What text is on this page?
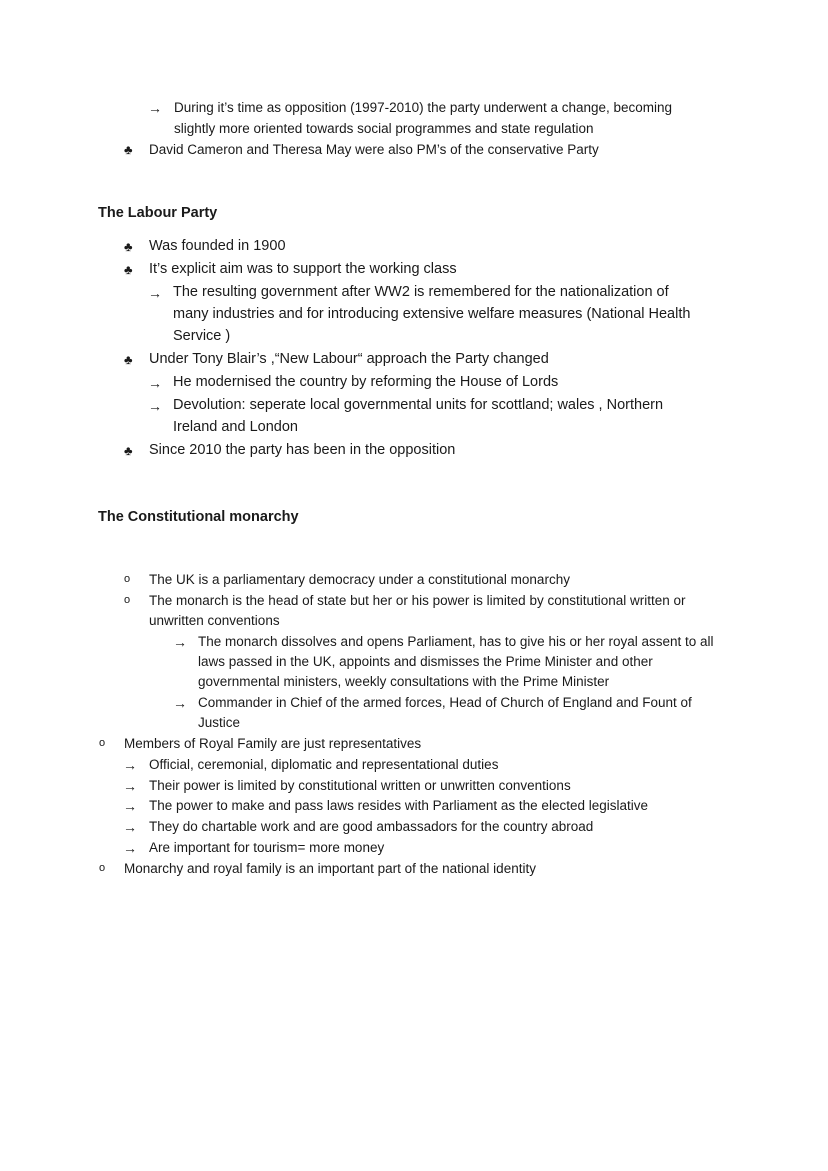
→ During it’s time as opposition (1997-2010) the party underwent a change, becoming
slightly more oriented towards social programmes and state regulation
♣ David Cameron and Theresa May were also PM’s of the conservative Party
The Labour Party
♣ Was founded in 1900
♣ It’s explicit aim was to support the working class
→ The resulting government after WW2 is remembered for the nationalization of
many industries and for introducing extensive welfare measures (National Health
Service )
♣ Under Tony Blair’s ,“New Labour“ approach the Party changed
→ He modernised the country by reforming the House of Lords
→ Devolution: seperate local governmental units for scottland; wales , Northern
Ireland and London
♣ Since 2010 the party has been in the opposition
The Constitutional monarchy
o The UK is a parliamentary democracy under a constitutional monarchy
o The monarch is the head of state but her or his power is limited by constitutional written or
unwritten conventions
→ The monarch dissolves and opens Parliament, has to give his or her royal assent to all
laws passed in the UK, appoints and dismisses the Prime Minister and other
governmental ministers, weekly consultations with the Prime Minister
→ Commander in Chief of the armed forces, Head of Church of England and Fount of
Justice
o Members of Royal Family are just representatives
→ Official, ceremonial, diplomatic and representational duties
→ Their power is limited by constitutional written or unwritten conventions
→ The power to make and pass laws resides with Parliament as the elected legislative
→ They do chartable work and are good ambassadors for the country abroad
→ Are important for tourism= more money
o Monarchy and royal family is an important part of the national identity
